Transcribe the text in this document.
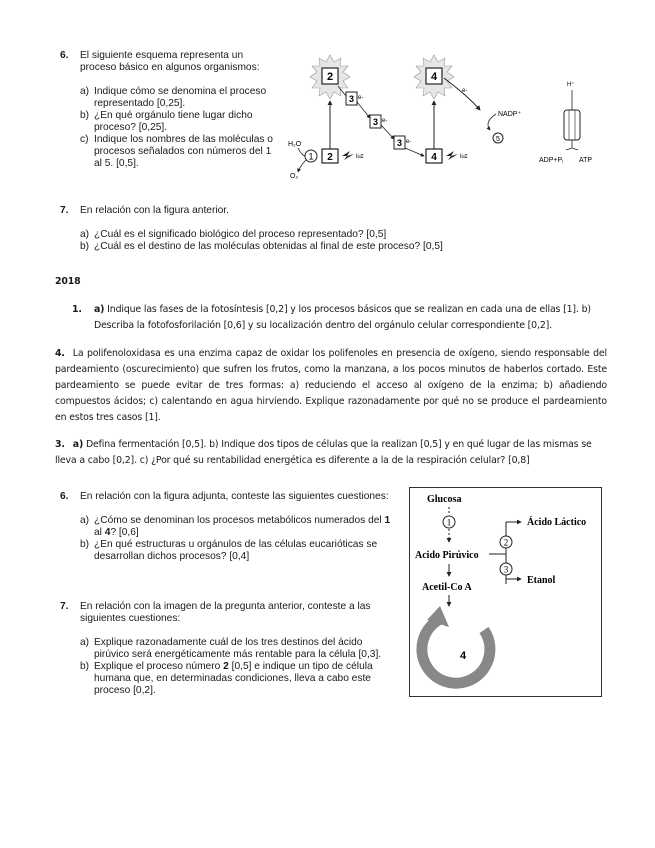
6. El siguiente esquema representa un proceso básico en algunos organismos:
a) Indique cómo se denomina el proceso representado [0,25].
b) ¿En qué orgánulo tiene lugar dicho proceso? [0,25].
c) Indique los nombres de las moléculas o procesos señalados con números del 1 al 5. [0,5].
2	4
3
3
3
e-
e-
e-
e-
NADP⁺
5
H₂O
1
O₂
2	luz	4	luz
H⁺
ADP+Pᵢ ATP
7. En relación con la figura anterior.
a) ¿Cuál es el significado biológico del proceso representado? [0,5]
b) ¿Cuál es el destino de las moléculas obtenidas al final de este proceso? [0,5]
2018
1. a) Indique las fases de la fotosíntesis [0,2] y los procesos básicos que se realizan en cada una de ellas [1]. b) Describa la fotofosforilación [0,6] y su localización dentro del orgánulo celular correspondiente [0,2].
4. La polifenoloxidasa es una enzima capaz de oxidar los polifenoles en presencia de oxígeno, siendo responsable del pardeamiento (oscurecimiento) que sufren los frutos, como la manzana, a los pocos minutos de haberlos cortado. Este pardeamiento se puede evitar de tres formas: a) reduciendo el acceso al oxígeno de la enzima; b) añadiendo compuestos ácidos; c) calentando en agua hirviendo. Explique razonadamente por qué no se produce el pardeamiento en estos tres casos [1].
3. a) Defina fermentación [0,5]. b) Indique dos tipos de células que la realizan [0,5] y en qué lugar de las mismas se lleva a cabo [0,2]. c) ¿Por qué su rentabilidad energética es diferente a la de la respiración celular? [0,8]
6. En relación con la figura adjunta, conteste las siguientes cuestiones:
a) ¿Cómo se denominan los procesos metabólicos numerados del 1 al 4? [0,6]
b) ¿En qué estructuras u orgánulos de las células eucarióticas se desarrollan dichos procesos? [0,4]
7. En relación con la imagen de la pregunta anterior, conteste a las siguientes cuestiones:
a) Explique razonadamente cuál de los tres destinos del ácido pirúvico será energéticamente más rentable para la célula [0,3].
b) Explique el proceso número 2 [0,5] e indique un tipo de célula humana que, en determinadas condiciones, lleva a cabo este proceso [0,2].
Glucosa
1
Acido Pirúvico
Acetil-Co A
2
3
Ácido Láctico
Etanol
4
